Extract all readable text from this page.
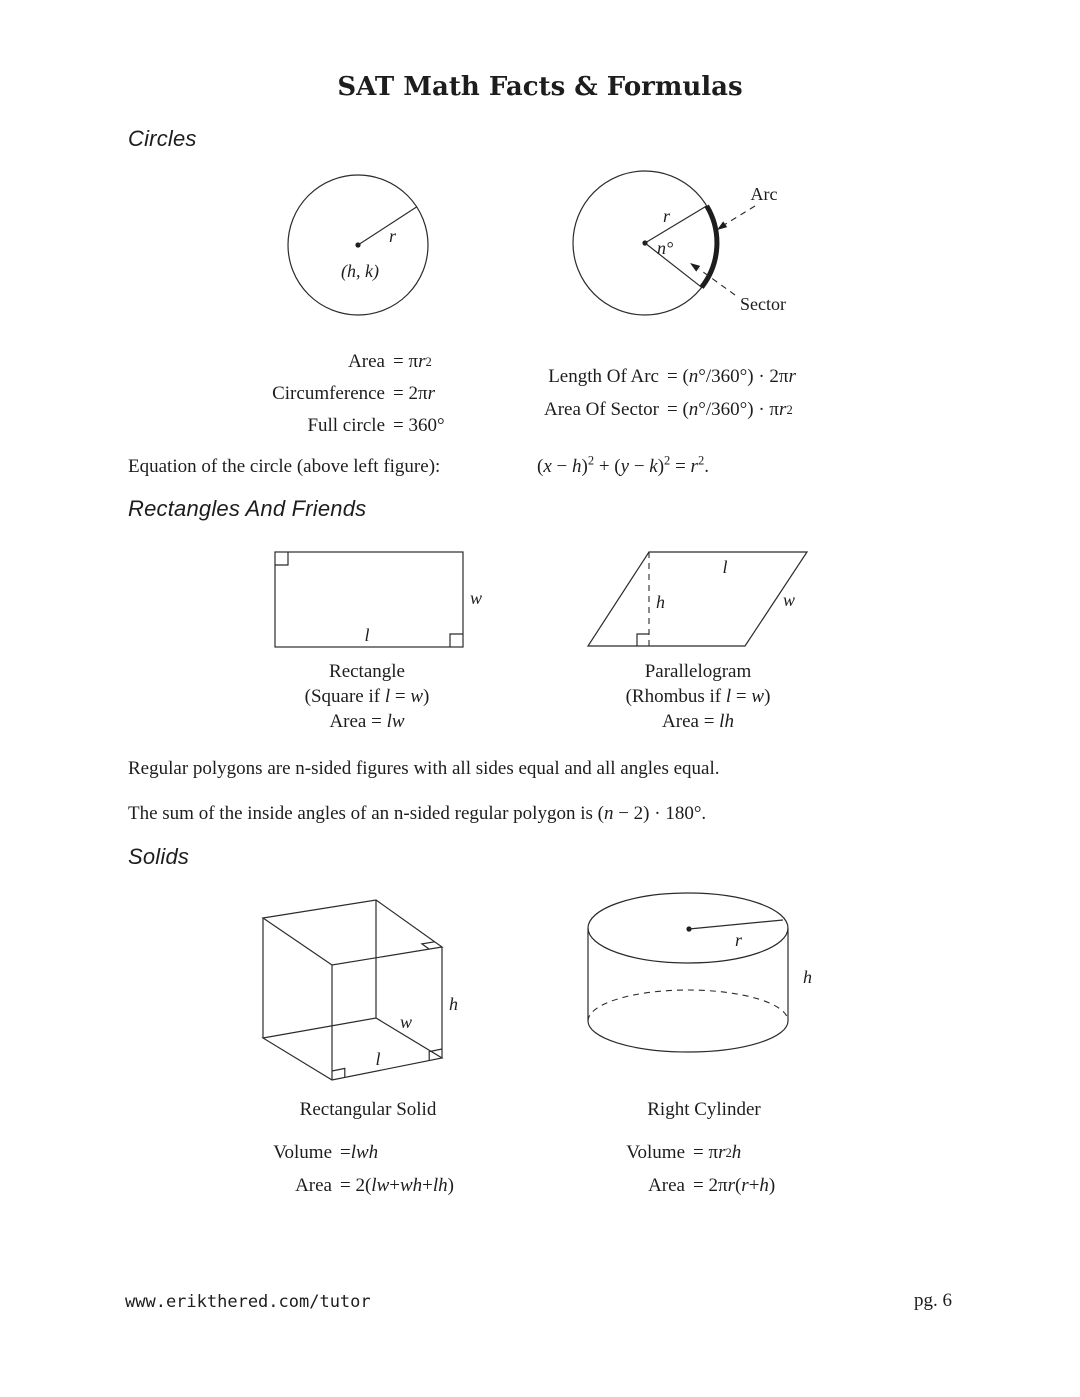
SAT Math Facts & Formulas
Circles
r
(h, k)
r
n°
Arc
Sector
Area = π r 2
Circumference = 2π r
Full circle = 360°
Length Of Arc = ( n °/360°) · 2π r
Area Of Sector = ( n °/360°) · π r 2
Equation of the circle (above left figure):	$(x - h)^2 + (y - k)^2 = r^2$.
Rectangles And Friends
w
l
h
l
w
Rectangle
(Square if l = w)
Area = lw
Parallelogram
(Rhombus if l = w)
Area = lh
Regular polygons are n-sided figures with all sides equal and all angles equal.
The sum of the inside angles of an n-sided regular polygon is (n − 2) · 180°.
Solids
h
w
l
r
h
Rectangular Solid	Right Cylinder
Volume = lwh
Area = 2( lw + wh + lh )
Volume = π r 2 h
Area = 2π r ( r + h )
www.erikthered.com/tutor	pg. 6
